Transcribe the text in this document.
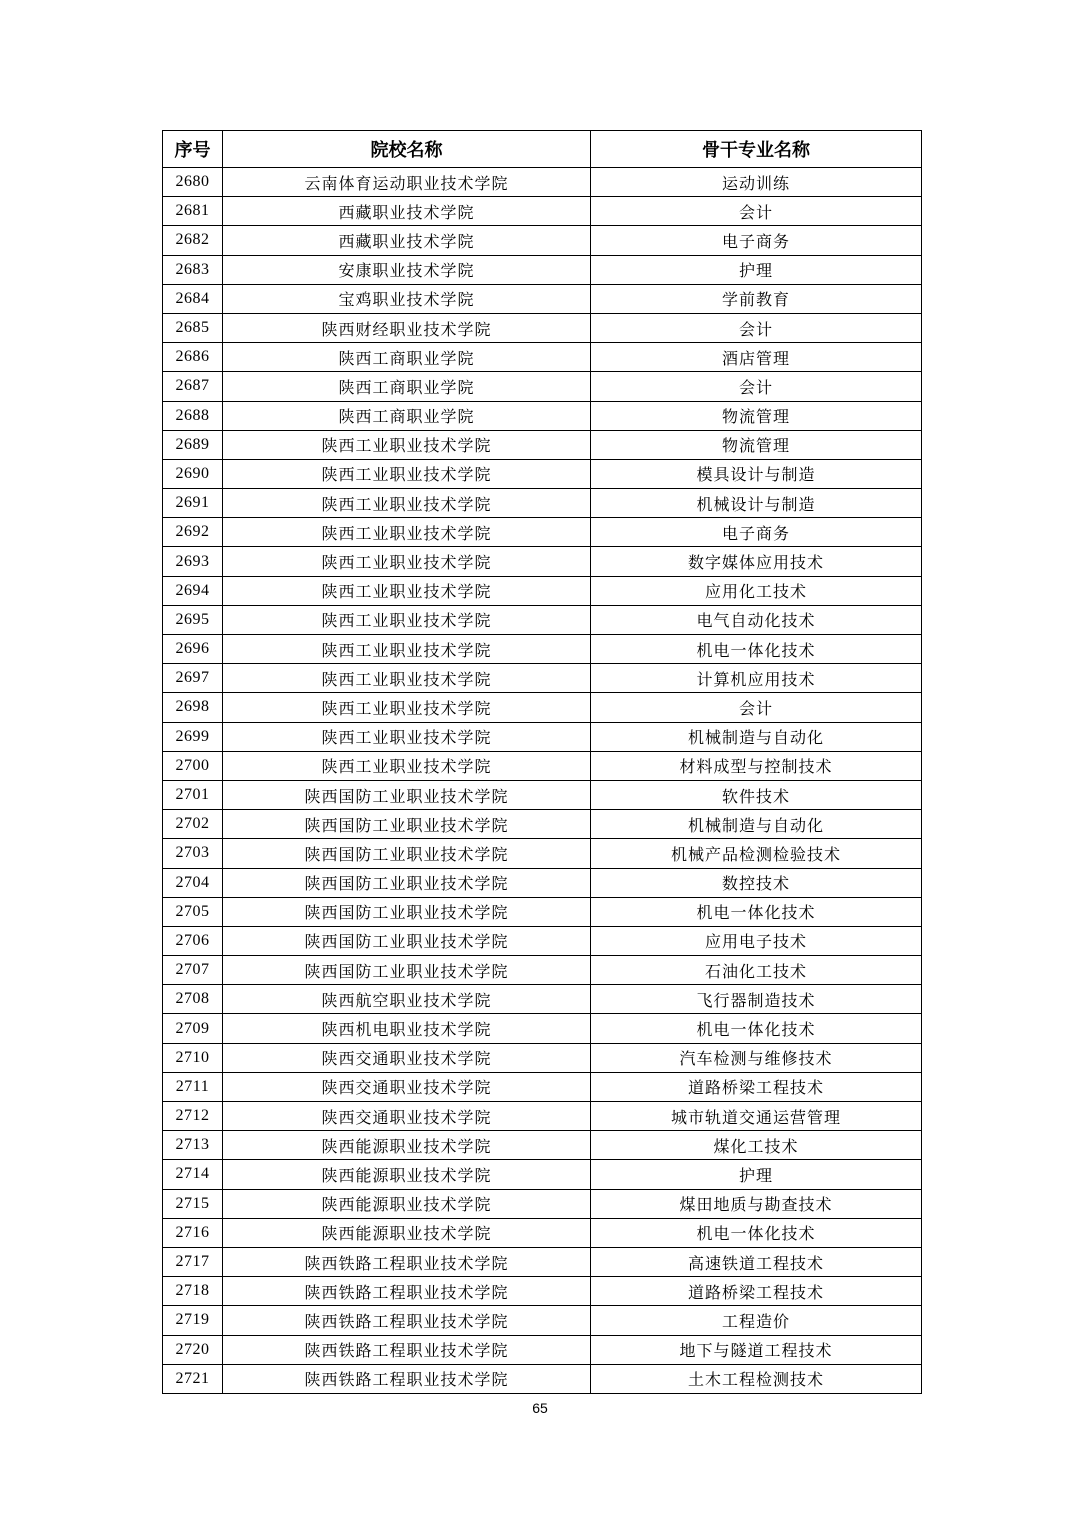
序号	院校名称	骨干专业名称
2680	云南体育运动职业技术学院	运动训练
2681	西藏职业技术学院	会计
2682	西藏职业技术学院	电子商务
2683	安康职业技术学院	护理
2684	宝鸡职业技术学院	学前教育
2685	陕西财经职业技术学院	会计
2686	陕西工商职业学院	酒店管理
2687	陕西工商职业学院	会计
2688	陕西工商职业学院	物流管理
2689	陕西工业职业技术学院	物流管理
2690	陕西工业职业技术学院	模具设计与制造
2691	陕西工业职业技术学院	机械设计与制造
2692	陕西工业职业技术学院	电子商务
2693	陕西工业职业技术学院	数字媒体应用技术
2694	陕西工业职业技术学院	应用化工技术
2695	陕西工业职业技术学院	电气自动化技术
2696	陕西工业职业技术学院	机电一体化技术
2697	陕西工业职业技术学院	计算机应用技术
2698	陕西工业职业技术学院	会计
2699	陕西工业职业技术学院	机械制造与自动化
2700	陕西工业职业技术学院	材料成型与控制技术
2701	陕西国防工业职业技术学院	软件技术
2702	陕西国防工业职业技术学院	机械制造与自动化
2703	陕西国防工业职业技术学院	机械产品检测检验技术
2704	陕西国防工业职业技术学院	数控技术
2705	陕西国防工业职业技术学院	机电一体化技术
2706	陕西国防工业职业技术学院	应用电子技术
2707	陕西国防工业职业技术学院	石油化工技术
2708	陕西航空职业技术学院	飞行器制造技术
2709	陕西机电职业技术学院	机电一体化技术
2710	陕西交通职业技术学院	汽车检测与维修技术
2711	陕西交通职业技术学院	道路桥梁工程技术
2712	陕西交通职业技术学院	城市轨道交通运营管理
2713	陕西能源职业技术学院	煤化工技术
2714	陕西能源职业技术学院	护理
2715	陕西能源职业技术学院	煤田地质与勘查技术
2716	陕西能源职业技术学院	机电一体化技术
2717	陕西铁路工程职业技术学院	高速铁道工程技术
2718	陕西铁路工程职业技术学院	道路桥梁工程技术
2719	陕西铁路工程职业技术学院	工程造价
2720	陕西铁路工程职业技术学院	地下与隧道工程技术
2721	陕西铁路工程职业技术学院	土木工程检测技术
65
